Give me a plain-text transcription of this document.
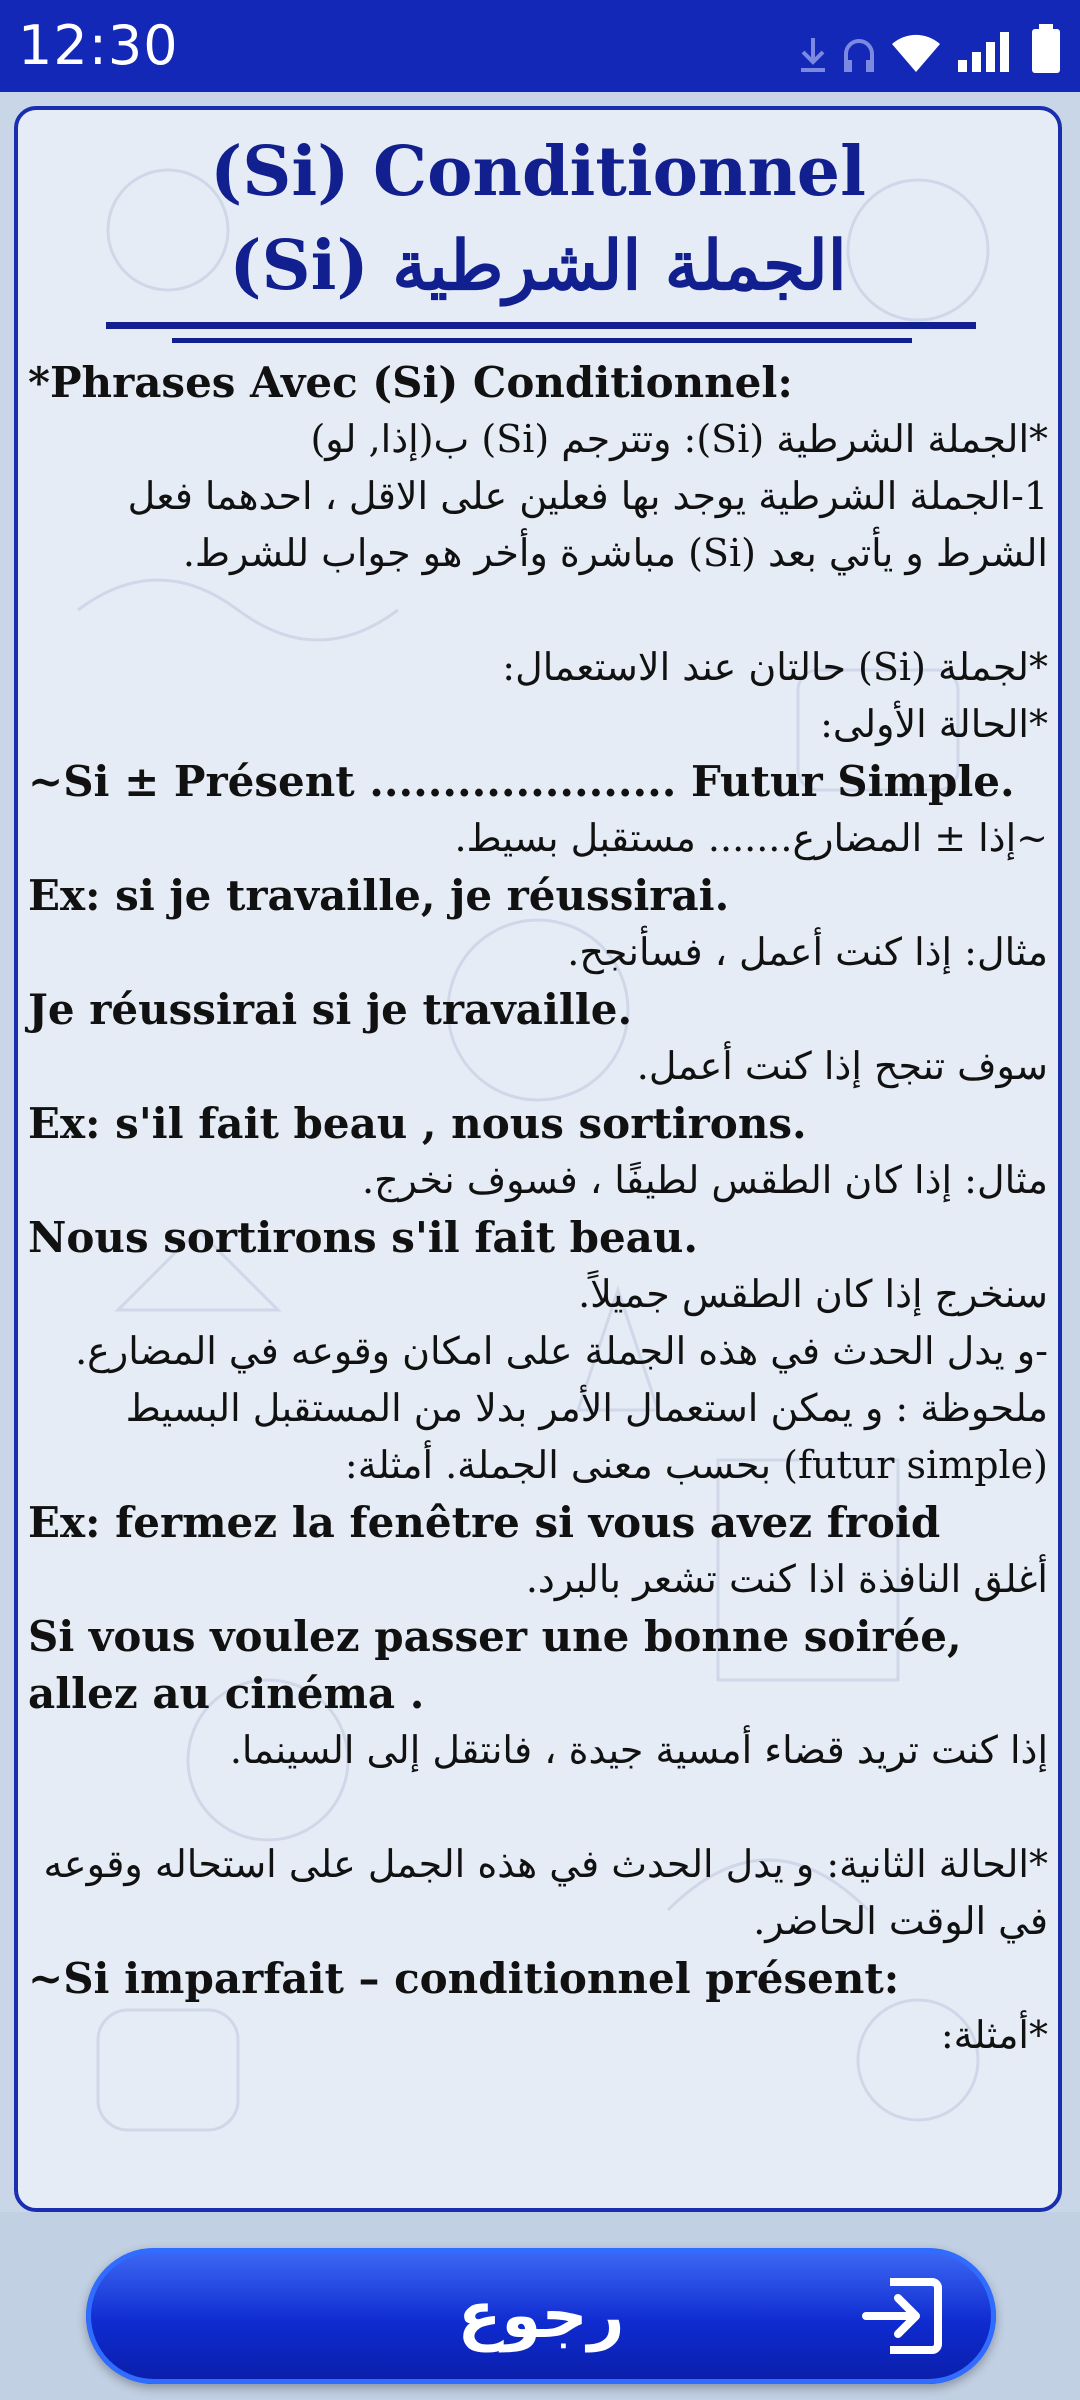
12:30
(Si) Conditionnel
الجملة الشرطية (Si)
*Phrases Avec (Si) Conditionnel:
*الجملة الشرطية (Si): وتترجم (Si) ب(إذا, لو)
1-الجملة الشرطية يوجد بها فعلين على الاقل ، احدهما فعل الشرط و يأتي بعد (Si) مباشرة وأخر هو جواب للشرط.
*لجملة (Si) حالتان عند الاستعمال:
*الحالة الأولى:
~Si ± Présent ..................... Futur Simple.
~إذا ± المضارع....... مستقبل بسيط.
Ex: si je travaille, je réussirai.
مثال: إذا كنت أعمل ، فسأنجح.
Je réussirai si je travaille.
سوف تنجح إذا كنت أعمل.
Ex: s'il fait beau , nous sortirons.
مثال: إذا كان الطقس لطيفًا ، فسوف نخرج.
Nous sortirons s'il fait beau.
سنخرج إذا كان الطقس جميلاً.
-و يدل الحدث في هذه الجملة على امكان وقوعه في المضارع.
ملحوظة : و يمكن استعمال الأمر بدلا من المستقبل البسيط (futur simple) بحسب معنى الجملة. أمثلة:
Ex: fermez la fenêtre si vous avez froid
أغلق النافذة اذا كنت تشعر بالبرد.
Si vous voulez passer une bonne soirée, allez au cinéma .
إذا كنت تريد قضاء أمسية جيدة ، فانتقل إلى السينما.
*الحالة الثانية: و يدل الحدث في هذه الجمل على استحاله وقوعه في الوقت الحاضر.
~Si imparfait – conditionnel présent:
*أمثلة:
رجوع
